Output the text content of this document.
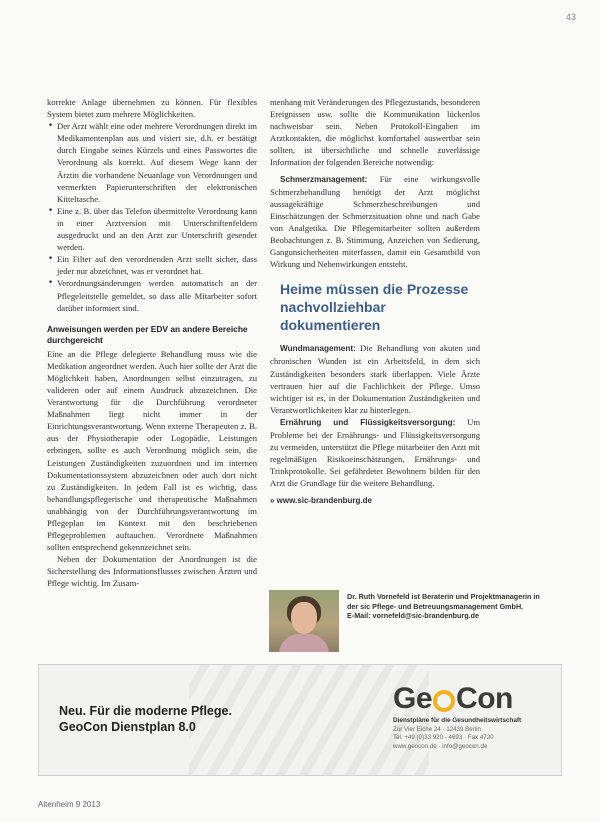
43

korrekte Anlage übernehmen zu können. Für flexibles System bietet zum mehrere Möglichkeiten.

• Der Arzt wählt eine oder mehrere Verordnungen direkt im Medikamentenplan aus und visiert sie, d.h. er bestätigt durch Eingabe seines Kürzels und eines Passwortes die Verordnung als korrekt. Auf diesem Wege kann der Ärztin die vorhandene Neuanlage von Verordnungen und vermerkten Papierunterschriften der elektronischen Kitteltasche.
• Eine z. B. über das Telefon übermittelte Verordnung kann in einer Arztversion mit Unterschriftenfeldern ausgedruckt und an den Arzt zur Unterschrift gesendet werden.
• Ein Filter auf den verordnenden Arzt stellt sicher, dass jeder nur abzeichnet, was er verordnet hat.
• Verordnungsänderungen werden automatisch an der Pflegeleitstelle gemeldet, so dass alle Mitarbeiter sofort darüber informiert sind.
Anweisungen werden per EDV an andere Bereiche durchgereicht

Eine an die Pflege delegierte Behandlung muss wie die Medikation angeordnet werden. Auch hier sollte der Arzt die Möglichkeit haben, Anordnungen selbst einzutragen, zu valideren oder auf einem Ausdruck abzuzeichnen. Die Verantwortung für die Durchführung verordneter Maßnahmen liegt nicht immer in der Einrichtungsverantwortung. Wenn externe Therapeuten z. B. aus der Physiotherapie oder Logopädie, Leistungen erbringen, sollte es auch Verordnung möglich sein, die Leistungen Zuständigkeiten zuzuordnen und im internen Dokumentationssystem abzuzeichnen oder auch dort nicht zu Zuständigkeiten. In jedem Fall ist es wichtig, dass behandlungspflegerische und therapeutische Maßnahmen unabhängig von der Durchführungsverantwortung im Pflegeplan im Kontext mit den beschriebenen Pflegeproblemen auftauchen. Verordnete Maßnahmen sollten entsprechend gekennzeichnet sein.

Neben der Dokumentation der Anordnungen ist die Sicherstellung des Informationsflusses zwischen Ärzten und Pflege wichtig. Im Zusam-

menhang mit Veränderungen des Pflegezustands, besonderen Ereignissen usw. sollte die Kommunikation lückenlos nachweisbar sein. Neben Protokoll-Eingaben im Arztkontakten, die möglichst komfortabel auswertbar sein sollten, ist übersichtliche und schnelle zuverlässige Information der folgenden Bereiche notwendig:

Schmerzmanagement: Für eine wirkungsvolle Schmerzbehandlung benötigt der Arzt möglichst aussagekräftige Schmerzbeschreibungen und Einschätzungen der Schmerzsituation ohne und nach Gabe von Analgetika. Die Pflegemitarbeiter sollten außerdem Beobachtungen z. B. Stimmung, Anzeichen von Sedierung, Gangunsicherheiten miterfassen, damit ein Gesamtbild von Wirkung und Nebenwirkungen entsteht.

Heime müssen die Prozesse nachvollziehbar dokumentieren

Wundmanagement: Die Behandlung von akuten und chronischen Wunden ist ein Arbeitsfeld, in dem sich Zuständigkeiten besonders stark überlappen. Viele Ärzte vertrauen hier auf die Fachlichkeit der Pflege. Umso wichtiger ist es, in der Dokumentation Zuständigkeiten und Verantwortlichkeiten klar zu hinterlegen.

Ernährung und Flüssigkeitsversorgung: Um Probleme bei der Ernährungs- und Flüssigkeitsversorgung zu vermeiden, unterstützt die Pflege mitarbeiter den Arzt mit regelmäßigen Risikoeinschätzungen, Ernährungs- und Trinkprotokolle. Sei gefährdeter Bewohnern bilden für den Arzt die Grundlage für die weitere Behandlung.

» www.sic-brandenburg.de
Dr. Ruth Vornefeld ist Beraterin und Projektmanagerin in der sic Pflege- und Betreuungsmanagement GmbH.
E-Mail: vornefeld@sic-brandenburg.de
Neu. Für die moderne Pflege.
GeoCon Dienstplan 8.0
Ge Con
Dienstpläne für die Gesundheitswirtschaft
Zur Vier Eiche 24 · 12439 Berlin
Tel. +49 (0)33 920 - 4693 · Fax 4720
www.geocon.de · info@geocon.de
Altenheim 9 2013
